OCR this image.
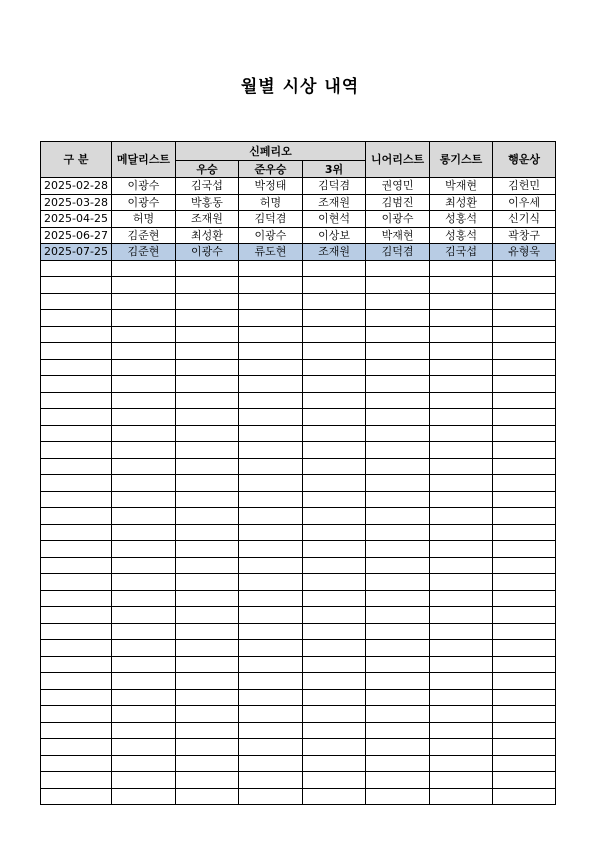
월별 시상 내역
구 분	메달리스트	신페리오			니어리스트	롱기스트	행운상
		우승	준우승	3위			
2025-02-28	이광수	김국섭	박정태	김덕겸	권영민	박재현	김헌민
2025-03-28	이광수	박홍동	허명	조재원	김범진	최성환	이우세
2025-04-25	허명	조재원	김덕겸	이현석	이광수	성홍석	신기식
2025-06-27	김준현	최성환	이광수	이상보	박재현	성홍석	곽창구
2025-07-25	김준현	이광수	류도현	조재원	김덕겸	김국섭	유형욱
